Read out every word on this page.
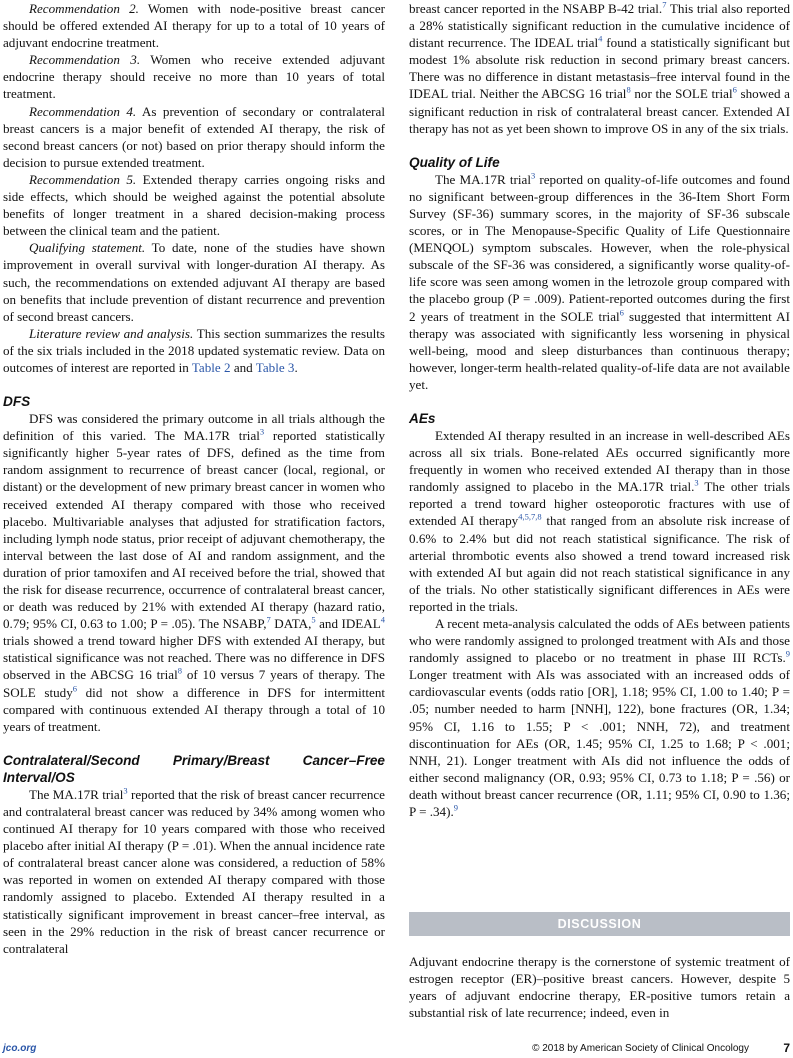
Recommendation 2. Women with node-positive breast cancer should be offered extended AI therapy for up to a total of 10 years of adjuvant endocrine treatment.

Recommendation 3. Women who receive extended adjuvant endocrine therapy should receive no more than 10 years of total treatment.

Recommendation 4. As prevention of secondary or contralateral breast cancers is a major benefit of extended AI therapy, the risk of second breast cancers (or not) based on prior therapy should inform the decision to pursue extended treatment.

Recommendation 5. Extended therapy carries ongoing risks and side effects, which should be weighed against the potential absolute benefits of longer treatment in a shared decision-making process between the clinical team and the patient.

Qualifying statement. To date, none of the studies have shown improvement in overall survival with longer-duration AI therapy. As such, the recommendations on extended adjuvant AI therapy are based on benefits that include prevention of distant recurrence and prevention of second breast cancers.

Literature review and analysis. This section summarizes the results of the six trials included in the 2018 updated systematic review. Data on outcomes of interest are reported in Table 2 and Table 3.

DFS

DFS was considered the primary outcome in all trials although the definition of this varied. The MA.17R trial$^3$ reported statistically significantly higher 5-year rates of DFS, defined as the time from random assignment to recurrence of breast cancer (local, regional, or distant) or the development of new primary breast cancer in women who received extended AI therapy compared with those who received placebo. Multivariable analyses that adjusted for stratification factors, including lymph node status, prior receipt of adjuvant chemotherapy, the interval between the last dose of AI and random assignment, and the duration of prior tamoxifen and AI received before the trial, showed that the risk for disease recurrence, occurrence of contralateral breast cancer, or death was reduced by 21% with extended AI therapy (hazard ratio, 0.79; 95% CI, 0.63 to 1.00; P = .05). The NSABP,$^7$ DATA,$^5$ and IDEAL$^4$ trials showed a trend toward higher DFS with extended AI therapy, but statistical significance was not reached. There was no difference in DFS observed in the ABCSG 16 trial$^8$ of 10 versus 7 years of therapy. The SOLE study$^6$ did not show a difference in DFS for intermittent compared with continuous extended AI therapy through a total of 10 years of treatment.

Contralateral/Second Primary/Breast Cancer–Free Interval/OS

The MA.17R trial$^3$ reported that the risk of breast cancer recurrence and contralateral breast cancer was reduced by 34% among women who continued AI therapy for 10 years compared with those who received placebo after initial AI therapy (P = .01). When the annual incidence rate of contralateral breast cancer alone was considered, a reduction of 58% was reported in women on extended AI therapy compared with those randomly assigned to placebo. Extended AI therapy resulted in a statistically significant improvement in breast cancer–free interval, as seen in the 29% reduction in the risk of breast cancer recurrence or contralateral

breast cancer reported in the NSABP B-42 trial.$^7$ This trial also reported a 28% statistically significant reduction in the cumulative incidence of distant recurrence. The IDEAL trial$^4$ found a statistically significant but modest 1% absolute risk reduction in second primary breast cancers. There was no difference in distant metastasis–free interval found in the IDEAL trial. Neither the ABCSG 16 trial$^8$ nor the SOLE trial$^6$ showed a significant reduction in risk of contralateral breast cancer. Extended AI therapy has not as yet been shown to improve OS in any of the six trials.

Quality of Life

The MA.17R trial$^3$ reported on quality-of-life outcomes and found no significant between-group differences in the 36-Item Short Form Survey (SF-36) summary scores, in the majority of SF-36 subscale scores, or in The Menopause-Specific Quality of Life Questionnaire (MENQOL) symptom subscales. However, when the role-physical subscale of the SF-36 was considered, a significantly worse quality-of-life score was seen among women in the letrozole group compared with the placebo group (P = .009). Patient-reported outcomes during the first 2 years of treatment in the SOLE trial$^6$ suggested that intermittent AI therapy was associated with significantly less worsening in physical well-being, mood and sleep disturbances than continuous therapy; however, longer-term health-related quality-of-life data are not available yet.

AEs

Extended AI therapy resulted in an increase in well-described AEs across all six trials. Bone-related AEs occurred significantly more frequently in women who received extended AI therapy than in those randomly assigned to placebo in the MA.17R trial.$^3$ The other trials reported a trend toward higher osteoporotic fractures with use of extended AI therapy$^{4,5,7,8}$ that ranged from an absolute risk increase of 0.6% to 2.4% but did not reach statistical significance. The risk of arterial thrombotic events also showed a trend toward increased risk with extended AI but again did not reach statistical significance in any of the trials. No other statistically significant differences in AEs were reported in the trials.

A recent meta-analysis calculated the odds of AEs between patients who were randomly assigned to prolonged treatment with AIs and those randomly assigned to placebo or no treatment in phase III RCTs.$^9$ Longer treatment with AIs was associated with an increased odds of cardiovascular events (odds ratio [OR], 1.18; 95% CI, 1.00 to 1.40; P = .05; number needed to harm [NNH], 122), bone fractures (OR, 1.34; 95% CI, 1.16 to 1.55; P < .001; NNH, 72), and treatment discontinuation for AEs (OR, 1.45; 95% CI, 1.25 to 1.68; P < .001; NNH, 21). Longer treatment with AIs did not influence the odds of either second malignancy (OR, 0.93; 95% CI, 0.73 to 1.18; P = .56) or death without breast cancer recurrence (OR, 1.11; 95% CI, 0.90 to 1.36; P = .34).$^9$

DISCUSSION

Adjuvant endocrine therapy is the cornerstone of systemic treatment of estrogen receptor (ER)–positive breast cancers. However, despite 5 years of adjuvant endocrine therapy, ER-positive tumors retain a substantial risk of late recurrence; indeed, even in

jco.org	© 2018 by American Society of Clinical Oncology	7
